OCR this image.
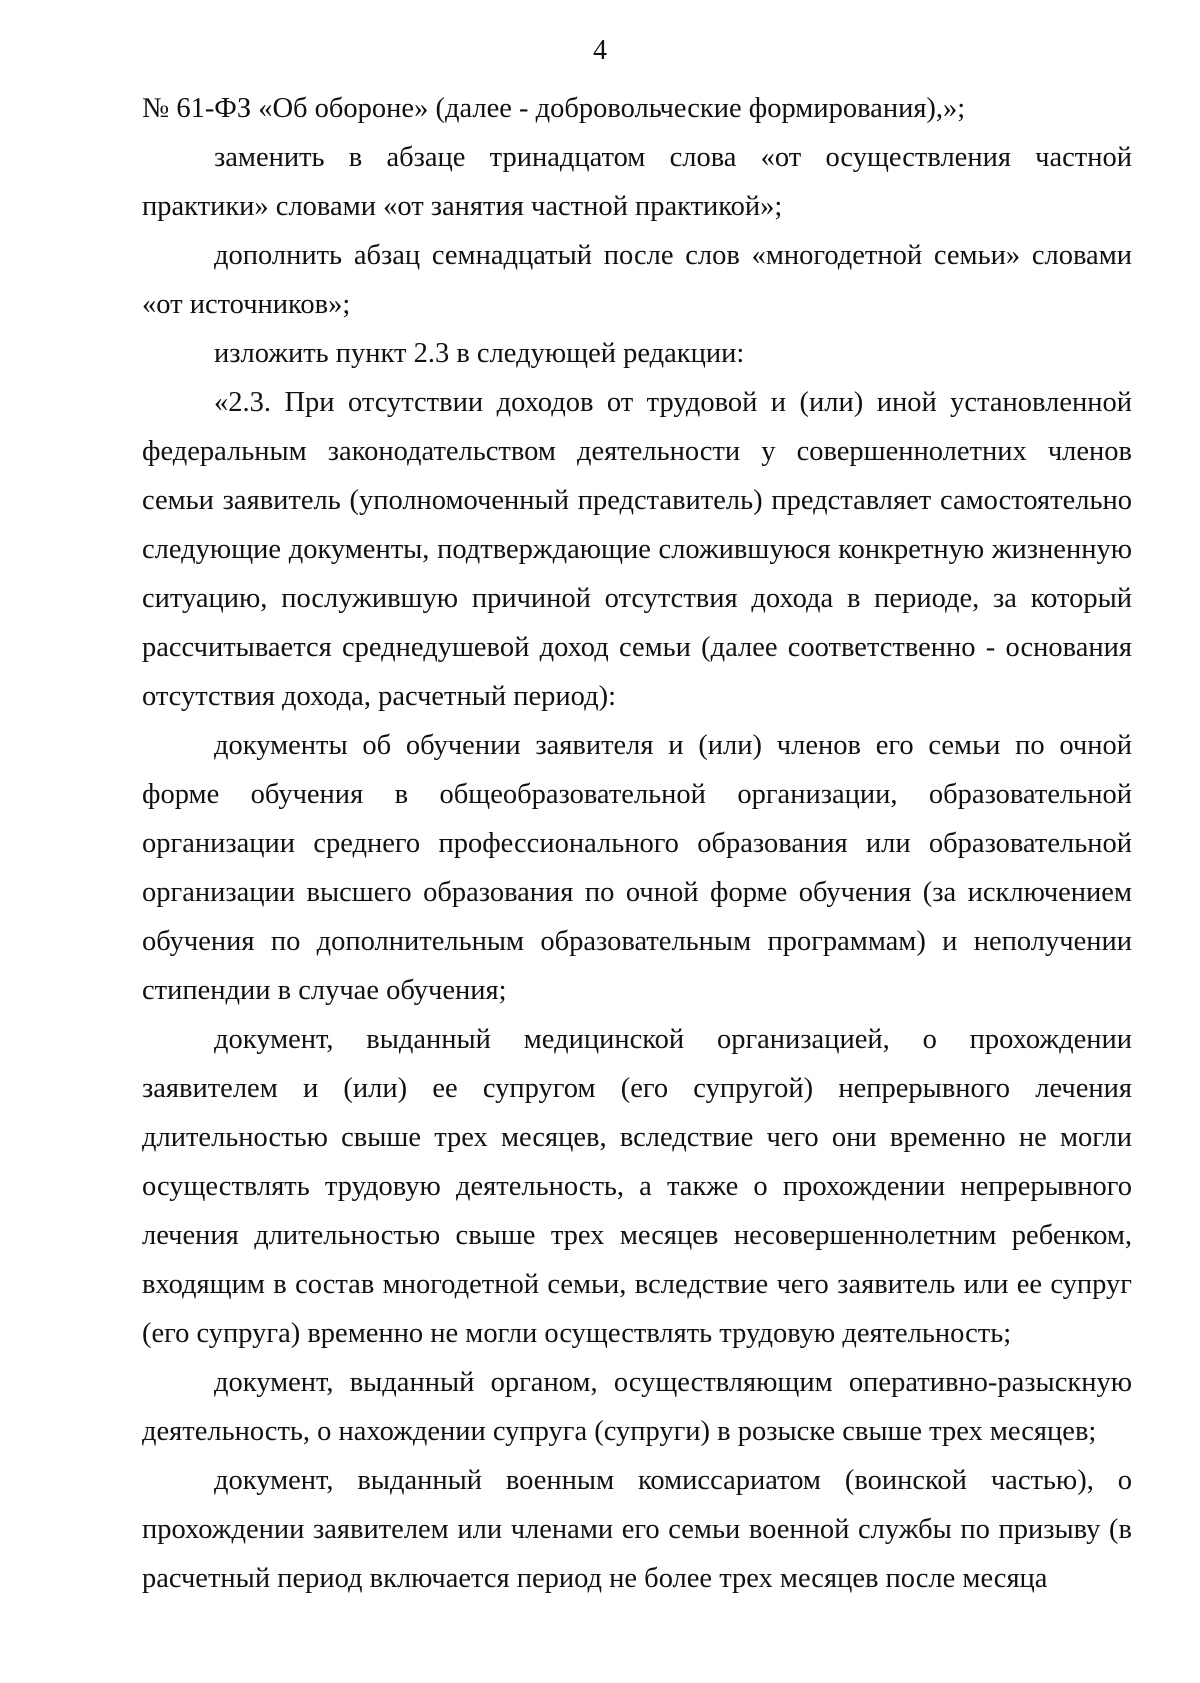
4

№ 61-ФЗ «Об обороне» (далее - добровольческие формирования),»;

заменить в абзаце тринадцатом слова «от осуществления частной практики» словами «от занятия частной практикой»;

дополнить абзац семнадцатый после слов «многодетной семьи» словами «от источников»;

изложить пункт 2.3 в следующей редакции:

«2.3. При отсутствии доходов от трудовой и (или) иной установленной федеральным законодательством деятельности у совершеннолетних членов семьи заявитель (уполномоченный представитель) представляет самостоятельно следующие документы, подтверждающие сложившуюся конкретную жизненную ситуацию, послужившую причиной отсутствия дохода в периоде, за который рассчитывается среднедушевой доход семьи (далее соответственно - основания отсутствия дохода, расчетный период):

документы об обучении заявителя и (или) членов его семьи по очной форме обучения в общеобразовательной организации, образовательной организации среднего профессионального образования или образовательной организации высшего образования по очной форме обучения (за исключением обучения по дополнительным образовательным программам) и неполучении стипендии в случае обучения;

документ, выданный медицинской организацией, о прохождении заявителем и (или) ее супругом (его супругой) непрерывного лечения длительностью свыше трех месяцев, вследствие чего они временно не могли осуществлять трудовую деятельность, а также о прохождении непрерывного лечения длительностью свыше трех месяцев несовершеннолетним ребенком, входящим в состав многодетной семьи, вследствие чего заявитель или ее супруг (его супруга) временно не могли осуществлять трудовую деятельность;

документ, выданный органом, осуществляющим оперативно-разыскную деятельность, о нахождении супруга (супруги) в розыске свыше трех месяцев;

документ, выданный военным комиссариатом (воинской частью), о прохождении заявителем или членами его семьи военной службы по призыву (в расчетный период включается период не более трех месяцев после месяца
